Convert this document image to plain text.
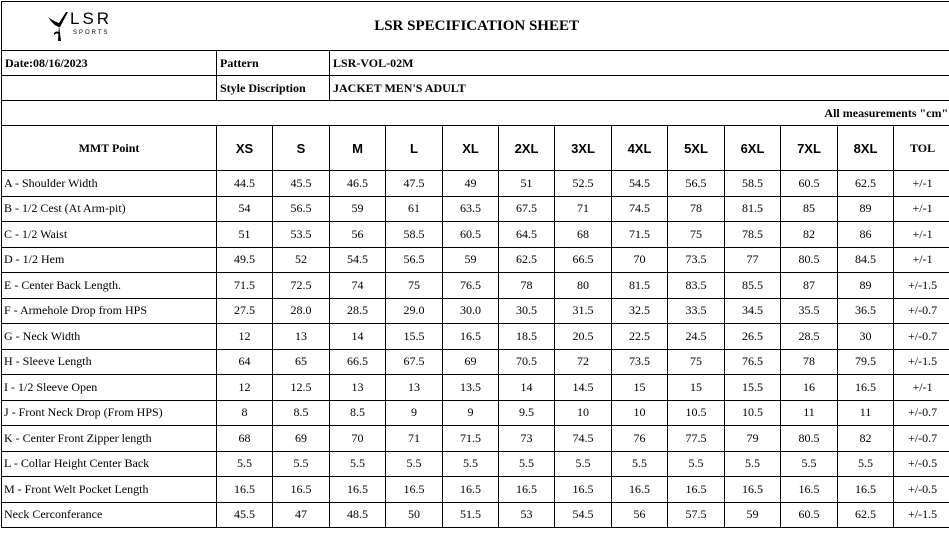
LSR
SPORTS LSR SPECIFICATION SHEET													

Date:08/16/2023	Pattern		LSR-VOL-02M										
	Style Discription		JACKET MEN'S ADULT										
All measurements "cm"													
MMT Point	XS	S	M	L	XL	2XL	3XL	4XL	5XL	6XL	7XL	8XL	TOL
A - Shoulder Width	44.5	45.5	46.5	47.5	49	51	52.5	54.5	56.5	58.5	60.5	62.5	+/-1
B - 1/2 Cest (At Arm-pit)	54	56.5	59	61	63.5	67.5	71	74.5	78	81.5	85	89	+/-1
C - 1/2 Waist	51	53.5	56	58.5	60.5	64.5	68	71.5	75	78.5	82	86	+/-1
D - 1/2 Hem	49.5	52	54.5	56.5	59	62.5	66.5	70	73.5	77	80.5	84.5	+/-1
E - Center Back Length.	71.5	72.5	74	75	76.5	78	80	81.5	83.5	85.5	87	89	+/-1.5
F - Armehole Drop from HPS	27.5	28.0	28.5	29.0	30.0	30.5	31.5	32.5	33.5	34.5	35.5	36.5	+/-0.7
G - Neck Width	12	13	14	15.5	16.5	18.5	20.5	22.5	24.5	26.5	28.5	30	+/-0.7
H - Sleeve Length	64	65	66.5	67.5	69	70.5	72	73.5	75	76.5	78	79.5	+/-1.5
I - 1/2 Sleeve Open	12	12.5	13	13	13.5	14	14.5	15	15	15.5	16	16.5	+/-1
J - Front Neck Drop (From HPS)	8	8.5	8.5	9	9	9.5	10	10	10.5	10.5	11	11	+/-0.7
K - Center Front Zipper length	68	69	70	71	71.5	73	74.5	76	77.5	79	80.5	82	+/-0.7
L - Collar Height Center Back	5.5	5.5	5.5	5.5	5.5	5.5	5.5	5.5	5.5	5.5	5.5	5.5	+/-0.5
M - Front Welt Pocket Length	16.5	16.5	16.5	16.5	16.5	16.5	16.5	16.5	16.5	16.5	16.5	16.5	+/-0.5
Neck Cerconferance	45.5	47	48.5	50	51.5	53	54.5	56	57.5	59	60.5	62.5	+/-1.5
